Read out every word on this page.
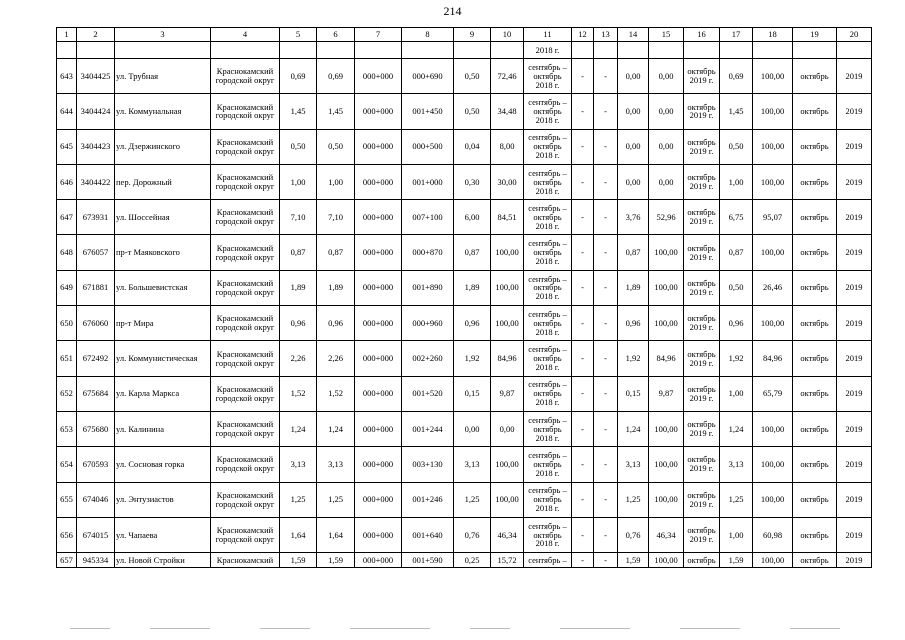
214
1	2	3	4	5	6	7	8	9	10	11	12	13	14	15	16	17	18	19	20
										2018 г.									
643	3404425	ул. Трубная	Краснокамский городской округ	0,69	0,69	000+000	000+690	0,50	72,46	сентябрь – октябрь 2018 г.	-	-	0,00	0,00	октябрь 2019 г.	0,69	100,00	октябрь	2019
644	3404424	ул. Коммунальная	Краснокамский городской округ	1,45	1,45	000+000	001+450	0,50	34,48	сентябрь – октябрь 2018 г.	-	-	0,00	0,00	октябрь 2019 г.	1,45	100,00	октябрь	2019
645	3404423	ул. Дзержинского	Краснокамский городской округ	0,50	0,50	000+000	000+500	0,04	8,00	сентябрь – октябрь 2018 г.	-	-	0,00	0,00	октябрь 2019 г.	0,50	100,00	октябрь	2019
646	3404422	пер. Дорожный	Краснокамский городской округ	1,00	1,00	000+000	001+000	0,30	30,00	сентябрь – октябрь 2018 г.	-	-	0,00	0,00	октябрь 2019 г.	1,00	100,00	октябрь	2019
647	673931	ул. Шоссейная	Краснокамский городской округ	7,10	7,10	000+000	007+100	6,00	84,51	сентябрь – октябрь 2018 г.	-	-	3,76	52,96	октябрь 2019 г.	6,75	95,07	октябрь	2019
648	676057	пр-т Маяковского	Краснокамский городской округ	0,87	0,87	000+000	000+870	0,87	100,00	сентябрь – октябрь 2018 г.	-	-	0,87	100,00	октябрь 2019 г.	0,87	100,00	октябрь	2019
649	671881	ул. Большевистская	Краснокамский городской округ	1,89	1,89	000+000	001+890	1,89	100,00	сентябрь – октябрь 2018 г.	-	-	1,89	100,00	октябрь 2019 г.	0,50	26,46	октябрь	2019
650	676060	пр-т Мира	Краснокамский городской округ	0,96	0,96	000+000	000+960	0,96	100,00	сентябрь – октябрь 2018 г.	-	-	0,96	100,00	октябрь 2019 г.	0,96	100,00	октябрь	2019
651	672492	ул. Коммунистическая	Краснокамский городской округ	2,26	2,26	000+000	002+260	1,92	84,96	сентябрь – октябрь 2018 г.	-	-	1,92	84,96	октябрь 2019 г.	1,92	84,96	октябрь	2019
652	675684	ул. Карла Маркса	Краснокамский городской округ	1,52	1,52	000+000	001+520	0,15	9,87	сентябрь – октябрь 2018 г.	-	-	0,15	9,87	октябрь 2019 г.	1,00	65,79	октябрь	2019
653	675680	ул. Калинина	Краснокамский городской округ	1,24	1,24	000+000	001+244	0,00	0,00	сентябрь – октябрь 2018 г.	-	-	1,24	100,00	октябрь 2019 г.	1,24	100,00	октябрь	2019
654	670593	ул. Сосновая горка	Краснокамский городской округ	3,13	3,13	000+000	003+130	3,13	100,00	сентябрь – октябрь 2018 г.	-	-	3,13	100,00	октябрь 2019 г.	3,13	100,00	октябрь	2019
655	674046	ул. Энтузиастов	Краснокамский городской округ	1,25	1,25	000+000	001+246	1,25	100,00	сентябрь – октябрь 2018 г.	-	-	1,25	100,00	октябрь 2019 г.	1,25	100,00	октябрь	2019
656	674015	ул. Чапаева	Краснокамский городской округ	1,64	1,64	000+000	001+640	0,76	46,34	сентябрь – октябрь 2018 г.	-	-	0,76	46,34	октябрь 2019 г.	1,00	60,98	октябрь	2019
657	945334	ул. Новой Стройки	Краснокамский	1,59	1,59	000+000	001+590	0,25	15,72	сентябрь –	-	-	1,59	100,00	октябрь	1,59	100,00	октябрь	2019
